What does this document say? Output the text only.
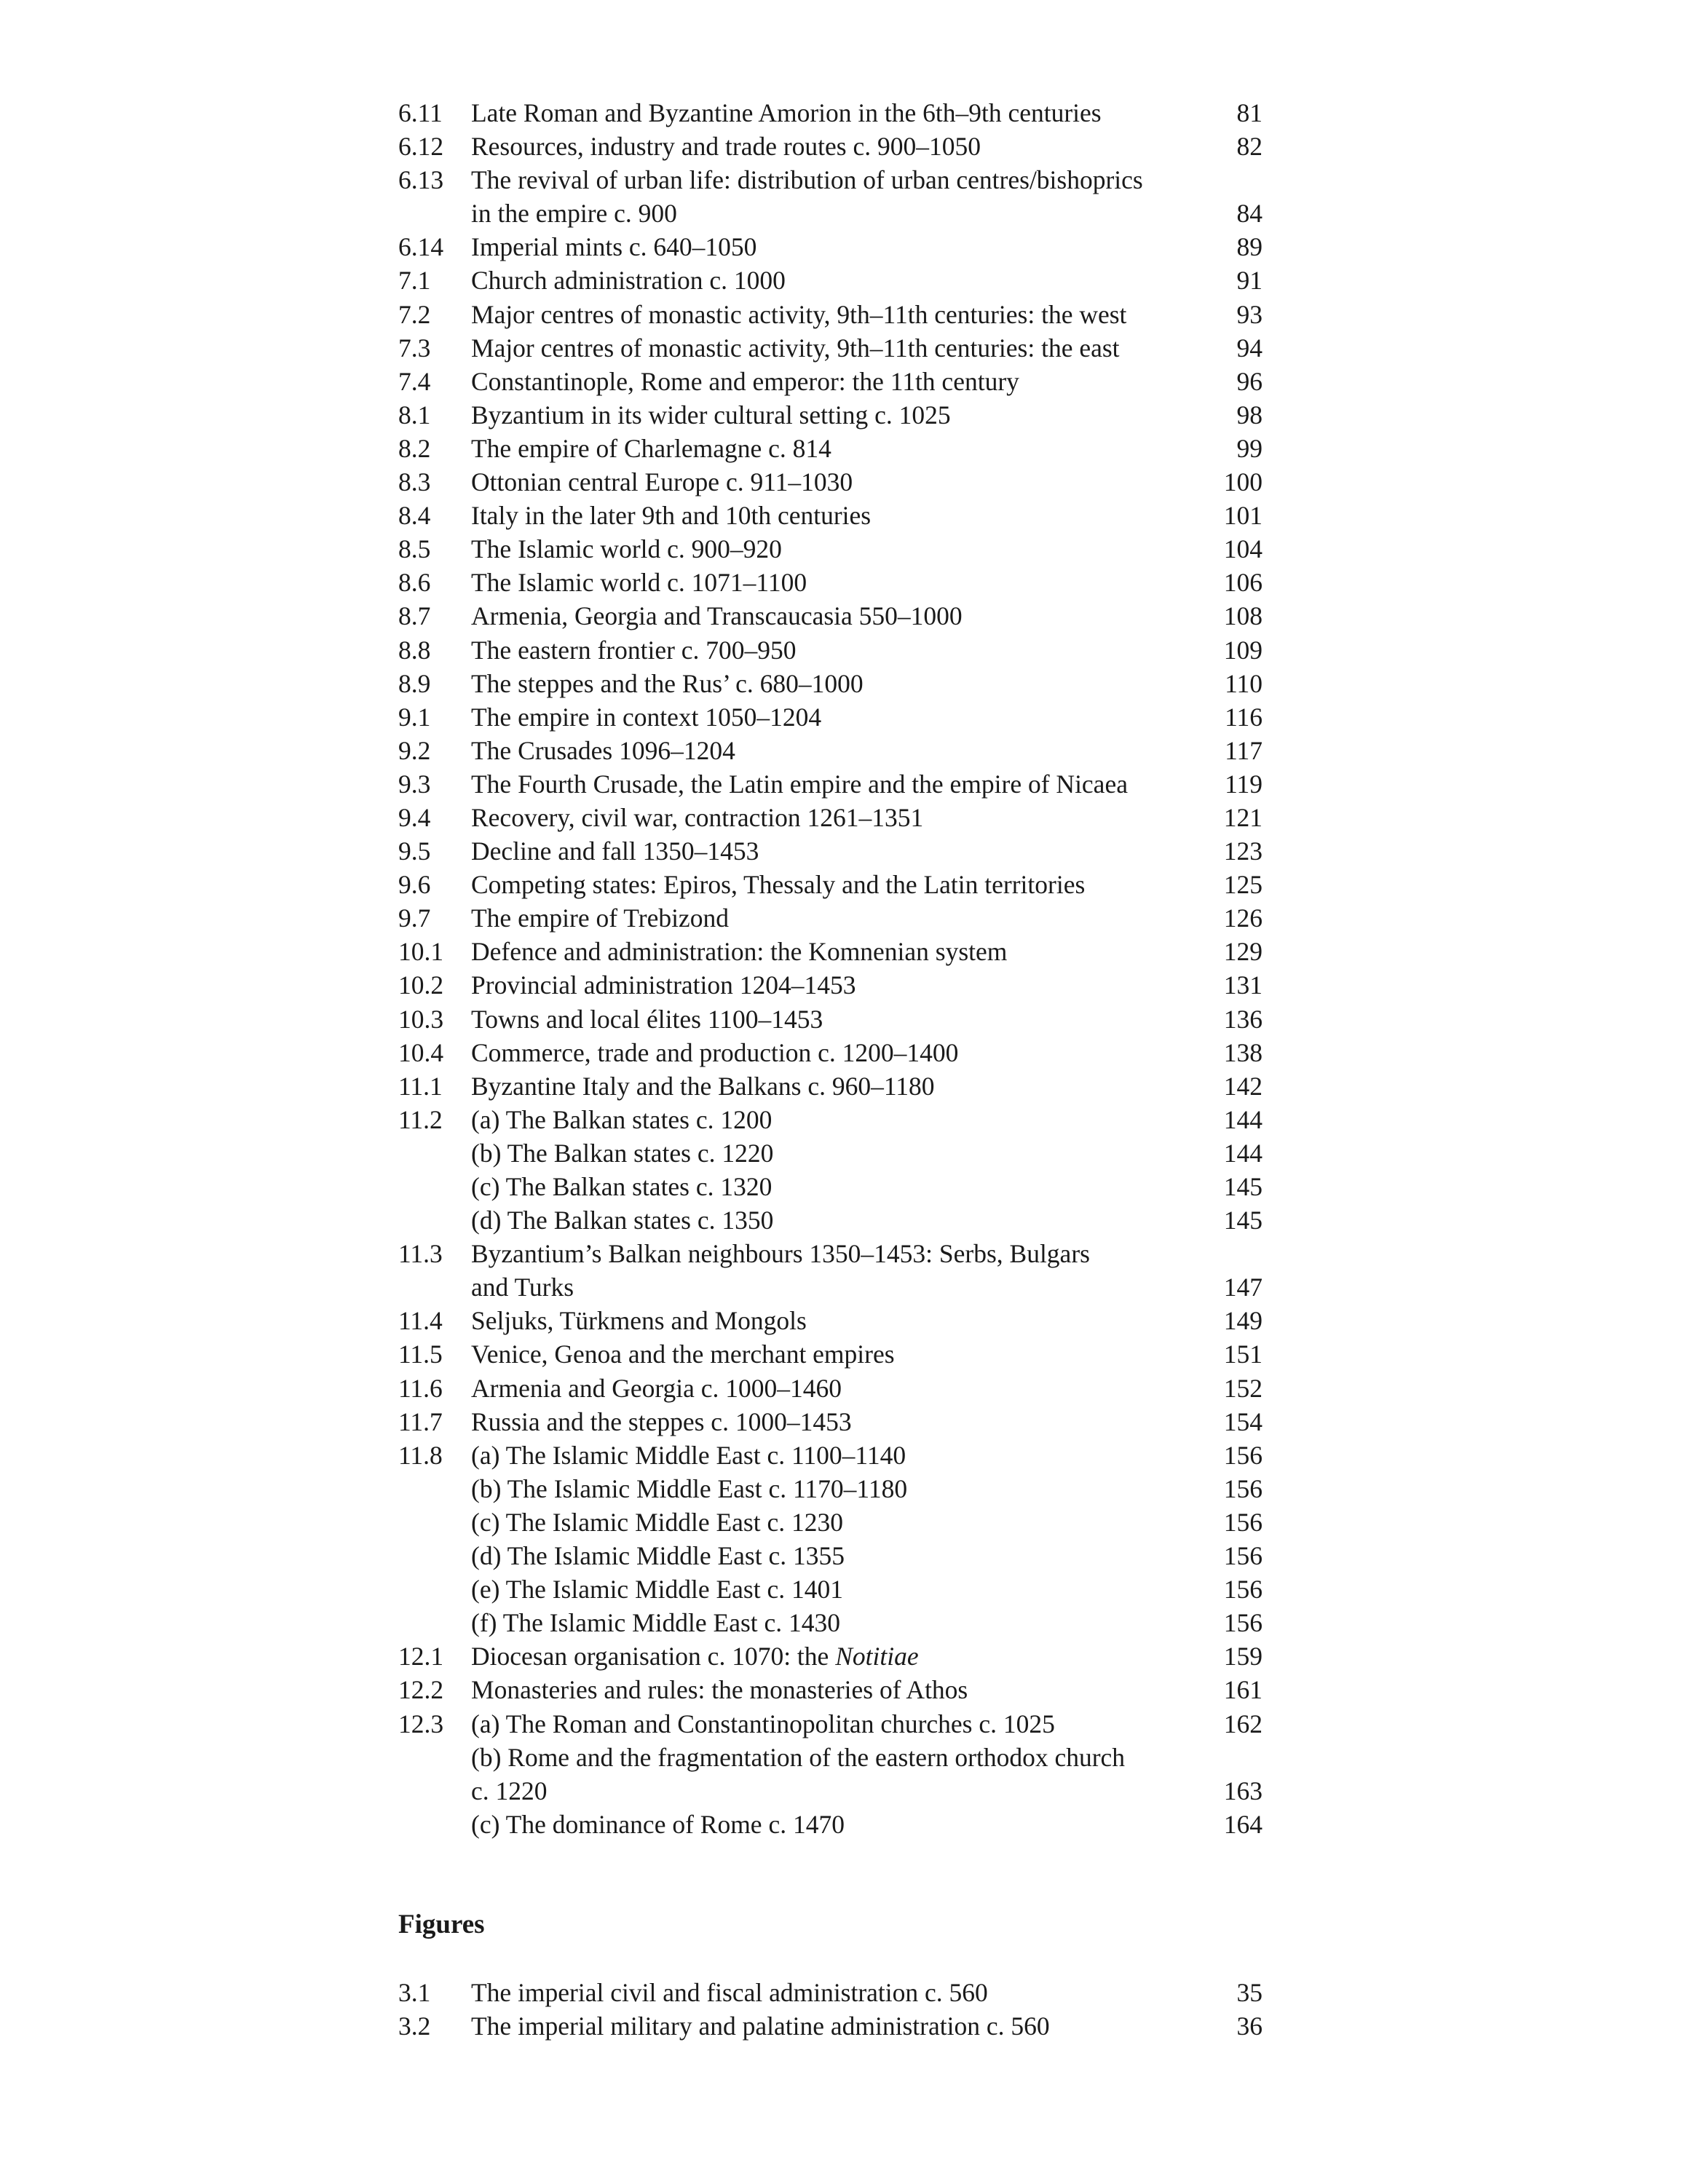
6.11	Late Roman and Byzantine Amorion in the 6th–9th centuries	81
6.12	Resources, industry and trade routes c. 900–1050	82
6.13	The revival of urban life: distribution of urban centres/bishoprics
in the empire c. 900	84
6.14	Imperial mints c. 640–1050	89
7.1	Church administration c. 1000	91
7.2	Major centres of monastic activity, 9th–11th centuries: the west	93
7.3	Major centres of monastic activity, 9th–11th centuries: the east	94
7.4	Constantinople, Rome and emperor: the 11th century	96
8.1	Byzantium in its wider cultural setting c. 1025	98
8.2	The empire of Charlemagne c. 814	99
8.3	Ottonian central Europe c. 911–1030	100
8.4	Italy in the later 9th and 10th centuries	101
8.5	The Islamic world c. 900–920	104
8.6	The Islamic world c. 1071–1100	106
8.7	Armenia, Georgia and Transcaucasia 550–1000	108
8.8	The eastern frontier c. 700–950	109
8.9	The steppes and the Rus’ c. 680–1000	110
9.1	The empire in context 1050–1204	116
9.2	The Crusades 1096–1204	117
9.3	The Fourth Crusade, the Latin empire and the empire of Nicaea	119
9.4	Recovery, civil war, contraction 1261–1351	121
9.5	Decline and fall 1350–1453	123
9.6	Competing states: Epiros, Thessaly and the Latin territories	125
9.7	The empire of Trebizond	126
10.1	Defence and administration: the Komnenian system	129
10.2	Provincial administration 1204–1453	131
10.3	Towns and local élites 1100–1453	136
10.4	Commerce, trade and production c. 1200–1400	138
11.1	Byzantine Italy and the Balkans c. 960–1180	142
11.2	(a) The Balkan states c. 1200	144
(b) The Balkan states c. 1220	144
(c) The Balkan states c. 1320	145
(d) The Balkan states c. 1350	145
11.3	Byzantium’s Balkan neighbours 1350–1453: Serbs, Bulgars
and Turks	147
11.4	Seljuks, Türkmens and Mongols	149
11.5	Venice, Genoa and the merchant empires	151
11.6	Armenia and Georgia c. 1000–1460	152
11.7	Russia and the steppes c. 1000–1453	154
11.8	(a) The Islamic Middle East c. 1100–1140	156
(b) The Islamic Middle East c. 1170–1180	156
(c) The Islamic Middle East c. 1230	156
(d) The Islamic Middle East c. 1355	156
(e) The Islamic Middle East c. 1401	156
(f) The Islamic Middle East c. 1430	156
12.1	Diocesan organisation c. 1070: the Notitiae	159
12.2	Monasteries and rules: the monasteries of Athos	161
12.3	(a) The Roman and Constantinopolitan churches c. 1025	162
(b) Rome and the fragmentation of the eastern orthodox church
c. 1220	163
(c) The dominance of Rome c. 1470	164
Figures
3.1	The imperial civil and fiscal administration c. 560	35
3.2	The imperial military and palatine administration c. 560	36
